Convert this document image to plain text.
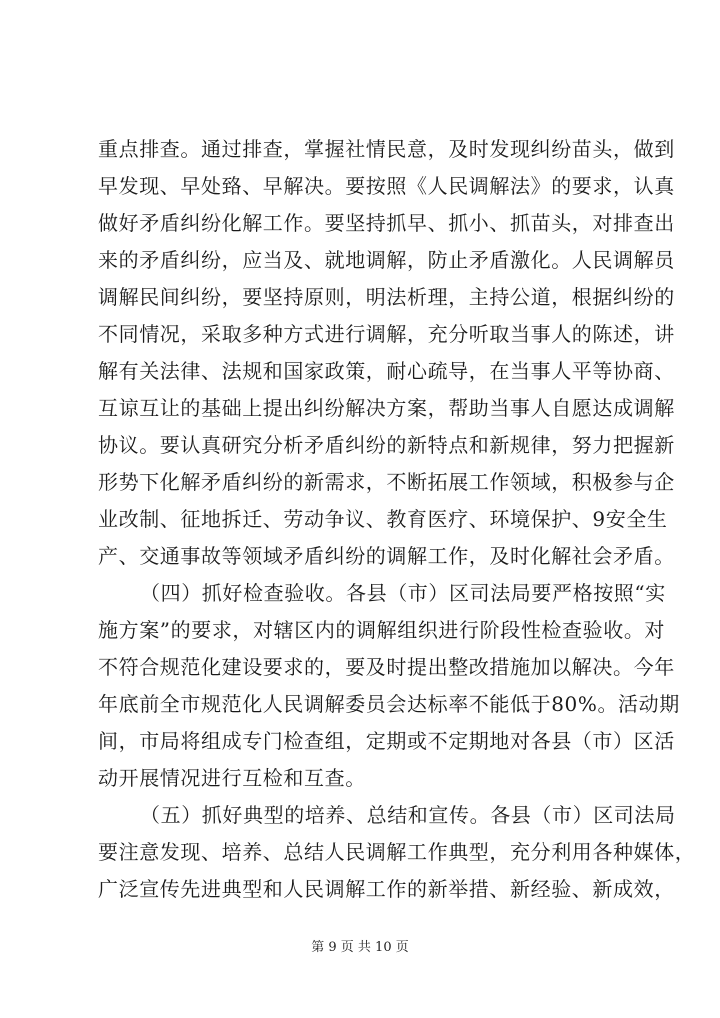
重点排查。通过排查，掌握社情民意，及时发现纠纷苗头，做到
早发现、早处臵、早解决。要按照《人民调解法》的要求，认真
做好矛盾纠纷化解工作。要坚持抓早、抓小、抓苗头，对排查出
来的矛盾纠纷，应当及、就地调解，防止矛盾激化。人民调解员
调解民间纠纷，要坚持原则，明法析理，主持公道，根据纠纷的
不同情况，采取多种方式进行调解，充分听取当事人的陈述，讲
解有关法律、法规和国家政策，耐心疏导，在当事人平等协商、
互谅互让的基础上提出纠纷解决方案，帮助当事人自愿达成调解
协议。要认真研究分析矛盾纠纷的新特点和新规律，努力把握新
形势下化解矛盾纠纷的新需求，不断拓展工作领域，积极参与企
业改制、征地拆迁、劳动争议、教育医疗、环境保护、9安全生
产、交通事故等领域矛盾纠纷的调解工作，及时化解社会矛盾。
（四）抓好检查验收。各县（市）区司法局要严格按照“实
施方案”的要求，对辖区内的调解组织进行阶段性检查验收。对
不符合规范化建设要求的，要及时提出整改措施加以解决。今年
年底前全市规范化人民调解委员会达标率不能低于80%。活动期
间，市局将组成专门检查组，定期或不定期地对各县（市）区活
动开展情况进行互检和互查。
（五）抓好典型的培养、总结和宣传。各县（市）区司法局
要注意发现、培养、总结人民调解工作典型，充分利用各种媒体，
广泛宣传先进典型和人民调解工作的新举措、新经验、新成效，
第 9 页 共 10 页
